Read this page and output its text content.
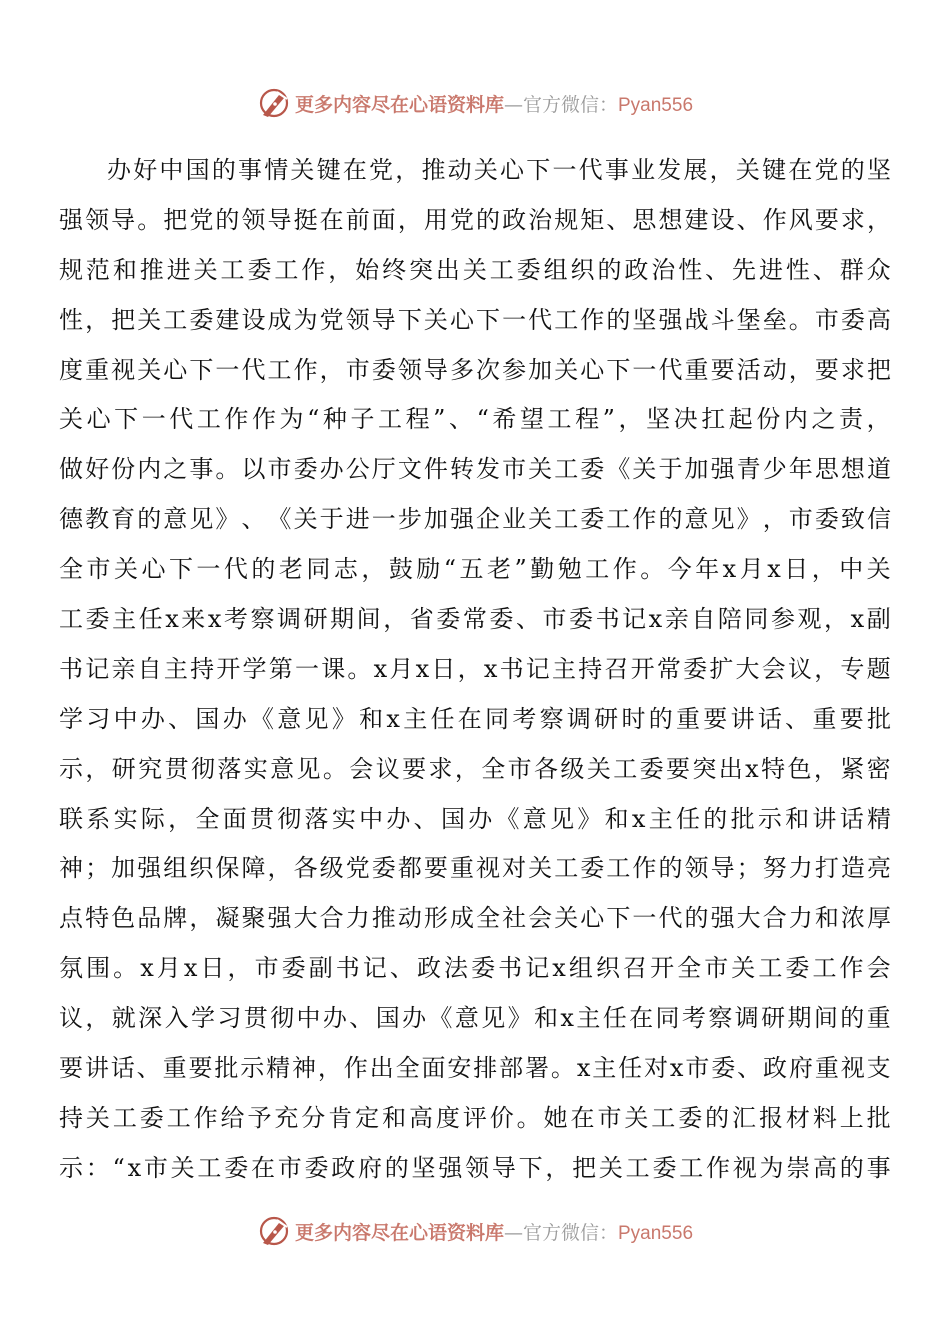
更多内容尽在心语资料库—官方微信：Pyan556
办 好 中 国 的 事 情 关 键 在 党 ， 推 动 关 心 下 一 代 事 业 发 展 ， 关 键 在 党 的 坚
强 领 导 。 把 党 的 领 导 挺 在 前 面 ， 用 党 的 政 治 规 矩 、 思 想 建 设 、 作 风 要 求 ，
规 范 和 推 进 关 工 委 工 作 ， 始 终 突 出 关 工 委 组 织 的 政 治 性 、 先 进 性 、 群 众
性 ， 把 关 工 委 建 设 成 为 党 领 导 下 关 心 下 一 代 工 作 的 坚 强 战 斗 堡 垒 。 市 委 高
度 重 视 关 心 下 一 代 工 作 ， 市 委 领 导 多 次 参 加 关 心 下 一 代 重 要 活 动 ， 要 求 把
关 心 下 一 代 工 作 作 为 “ 种 子 工 程 ” 、 “ 希 望 工 程 ” ， 坚 决 扛 起 份 内 之 责 ，
做 好 份 内 之 事 。 以 市 委 办 公 厅 文 件 转 发 市 关 工 委 《 关 于 加 强 青 少 年 思 想 道
德 教 育 的 意 见 》 、 《 关 于 进 一 步 加 强 企 业 关 工 委 工 作 的 意 见 》 ， 市 委 致 信
全 市 关 心 下 一 代 的 老 同 志 ， 鼓 励 “ 五 老 ” 勤 勉 工 作 。 今 年 x 月 x 日 ， 中 关
工 委 主 任 x 来 x 考 察 调 研 期 间 ， 省 委 常 委 、 市 委 书 记 x 亲 自 陪 同 参 观 ， x 副
书 记 亲 自 主 持 开 学 第 一 课 。 x 月 x 日 ， x 书 记 主 持 召 开 常 委 扩 大 会 议 ， 专 题
学 习 中 办 、 国 办 《 意 见 》 和 x 主 任 在 同 考 察 调 研 时 的 重 要 讲 话 、 重 要 批
示 ， 研 究 贯 彻 落 实 意 见 。 会 议 要 求 ， 全 市 各 级 关 工 委 要 突 出 x 特 色 ， 紧 密
联 系 实 际 ， 全 面 贯 彻 落 实 中 办 、 国 办 《 意 见 》 和 x 主 任 的 批 示 和 讲 话 精
神 ； 加 强 组 织 保 障 ， 各 级 党 委 都 要 重 视 对 关 工 委 工 作 的 领 导 ； 努 力 打 造 亮
点 特 色 品 牌 ， 凝 聚 强 大 合 力 推 动 形 成 全 社 会 关 心 下 一 代 的 强 大 合 力 和 浓 厚
氛 围 。 x 月 x 日 ， 市 委 副 书 记 、 政 法 委 书 记 x 组 织 召 开 全 市 关 工 委 工 作 会
议 ， 就 深 入 学 习 贯 彻 中 办 、 国 办 《 意 见 》 和 x 主 任 在 同 考 察 调 研 期 间 的 重
要 讲 话 、 重 要 批 示 精 神 ， 作 出 全 面 安 排 部 署 。 x 主 任 对 x 市 委 、 政 府 重 视 支
持 关 工 委 工 作 给 予 充 分 肯 定 和 高 度 评 价 。 她 在 市 关 工 委 的 汇 报 材 料 上 批
示 ： “ x 市 关 工 委 在 市 委 政 府 的 坚 强 领 导 下 ， 把 关 工 委 工 作 视 为 崇 高 的 事
更多内容尽在心语资料库—官方微信：Pyan556
